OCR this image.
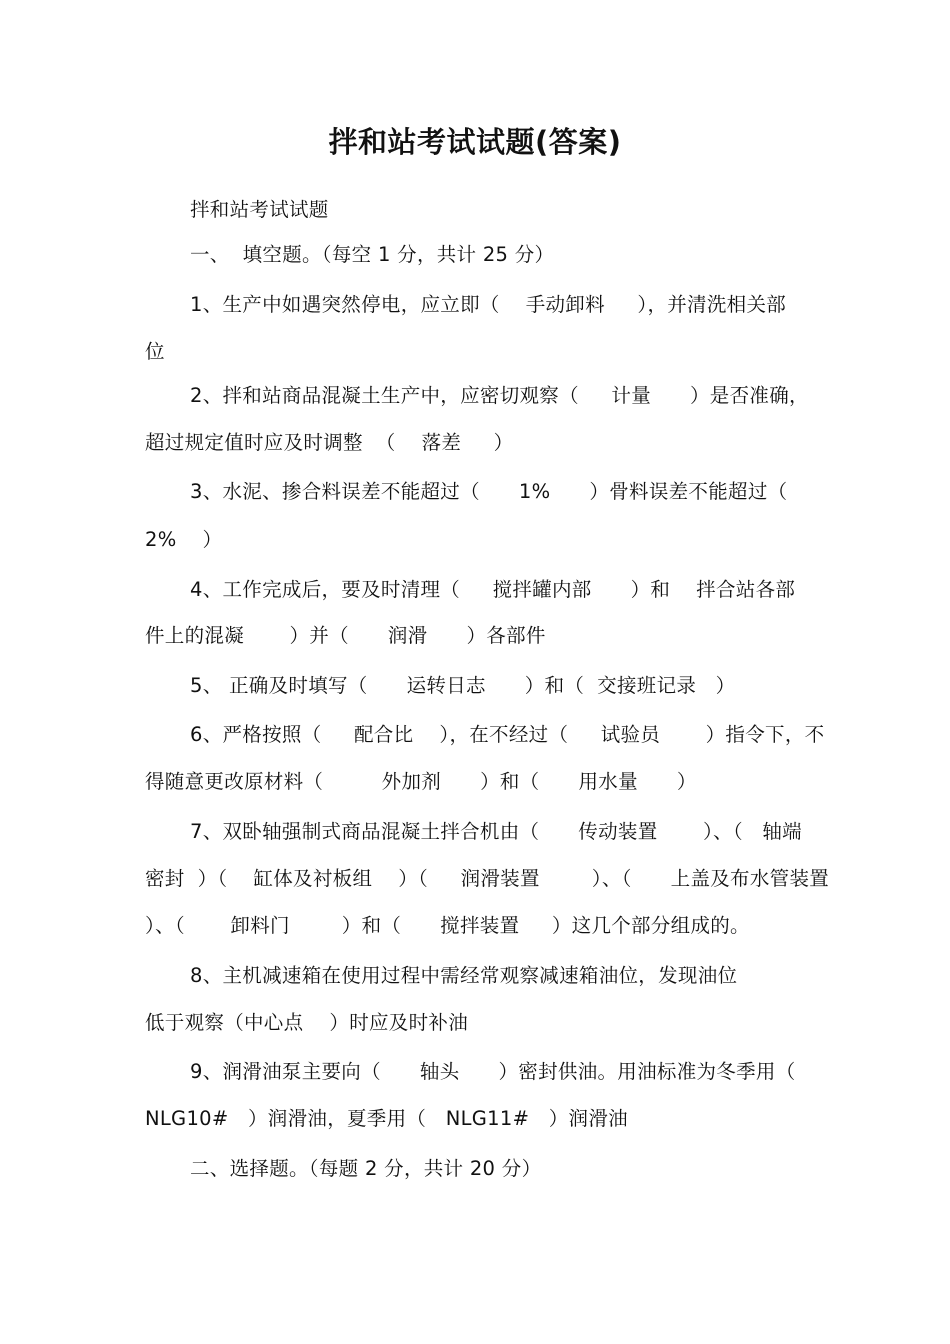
拌和站考试试题(答案)
拌和站考试试题
一、  填空题。（每空 1 分，共计 25 分）
1、生产中如遇突然停电，应立即（    手动卸料     ），并清洗相关部
位
2、拌和站商品混凝土生产中，应密切观察（     计量      ）是否准确，
超过规定值时应及时调整  （    落差     ）
3、水泥、掺合料误差不能超过（      1%      ）骨料误差不能超过（
2%    ）
4、工作完成后，要及时清理（     搅拌罐内部      ）和    拌合站各部
件上的混凝       ）并（      润滑      ）各部件
5、 正确及时填写（      运转日志      ）和（  交接班记录   ）
6、严格按照（     配合比    ），在不经过（     试验员       ）指令下，不
得随意更改原材料（         外加剂      ）和（      用水量      ）
7、双卧轴强制式商品混凝土拌合机由（      传动装置       ）、（   轴端
密封  ）（    缸体及衬板组    ）（     润滑装置        ）、（      上盖及布水管装置
）、（       卸料门        ）和（      搅拌装置     ）这几个部分组成的。
8、主机减速箱在使用过程中需经常观察减速箱油位，发现油位
低于观察（中心点    ）时应及时补油
9、润滑油泵主要向（      轴头      ）密封供油。用油标准为冬季用（
NLG10#   ）润滑油，夏季用（   NLG11#   ）润滑油
二、选择题。（每题 2 分，共计 20 分）
